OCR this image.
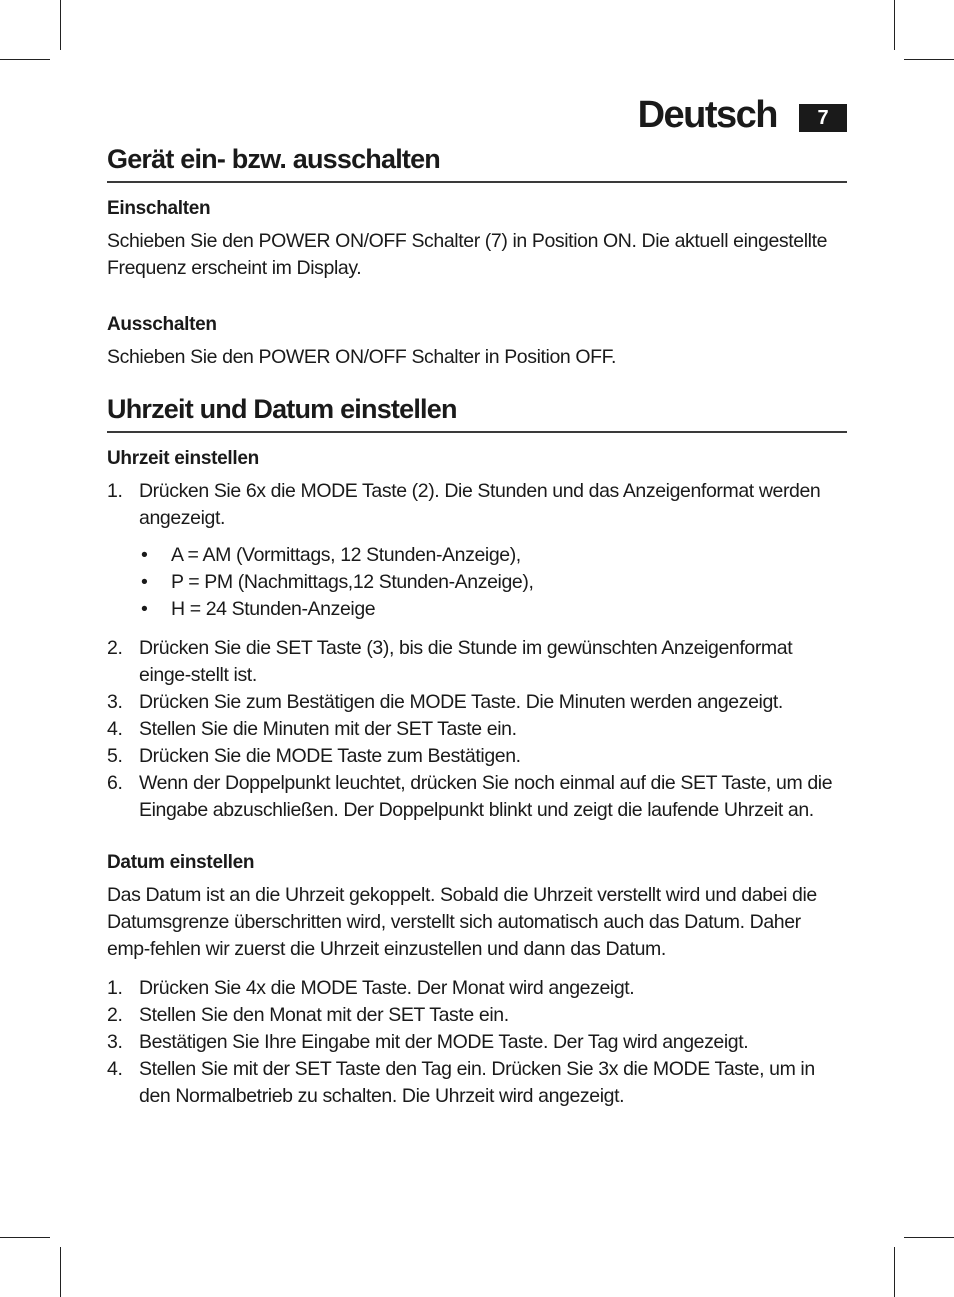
Deutsch	7
Gerät ein- bzw. ausschalten

Einschalten

Schieben Sie den POWER ON/OFF Schalter (7) in Position ON. Die aktuell eingestellte Frequenz erscheint im Display.

Ausschalten

Schieben Sie den POWER ON/OFF Schalter in Position OFF.

Uhrzeit und Datum einstellen

Uhrzeit einstellen

1. Drücken Sie 6x die MODE Taste (2). Die Stunden und das Anzeigenformat werden angezeigt.
• A = AM (Vormittags, 12 Stunden-Anzeige),
• P = PM (Nachmittags,12 Stunden-Anzeige),
• H = 24 Stunden-Anzeige
2. Drücken Sie die SET Taste (3), bis die Stunde im gewünschten Anzeigenformat einge-stellt ist.
3. Drücken Sie zum Bestätigen die MODE Taste. Die Minuten werden angezeigt.
4. Stellen Sie die Minuten mit der SET Taste ein.
5. Drücken Sie die MODE Taste zum Bestätigen.
6. Wenn der Doppelpunkt leuchtet, drücken Sie noch einmal auf die SET Taste, um die Eingabe abzuschließen. Der Doppelpunkt blinkt und zeigt die laufende Uhrzeit an.

Datum einstellen

Das Datum ist an die Uhrzeit gekoppelt. Sobald die Uhrzeit verstellt wird und dabei die Datumsgrenze überschritten wird, verstellt sich automatisch auch das Datum. Daher emp-fehlen wir zuerst die Uhrzeit einzustellen und dann das Datum.

1. Drücken Sie 4x die MODE Taste. Der Monat wird angezeigt.
2. Stellen Sie den Monat mit der SET Taste ein.
3. Bestätigen Sie Ihre Eingabe mit der MODE Taste. Der Tag wird angezeigt.
4. Stellen Sie mit der SET Taste den Tag ein. Drücken Sie 3x die MODE Taste, um in den Normalbetrieb zu schalten. Die Uhrzeit wird angezeigt.
